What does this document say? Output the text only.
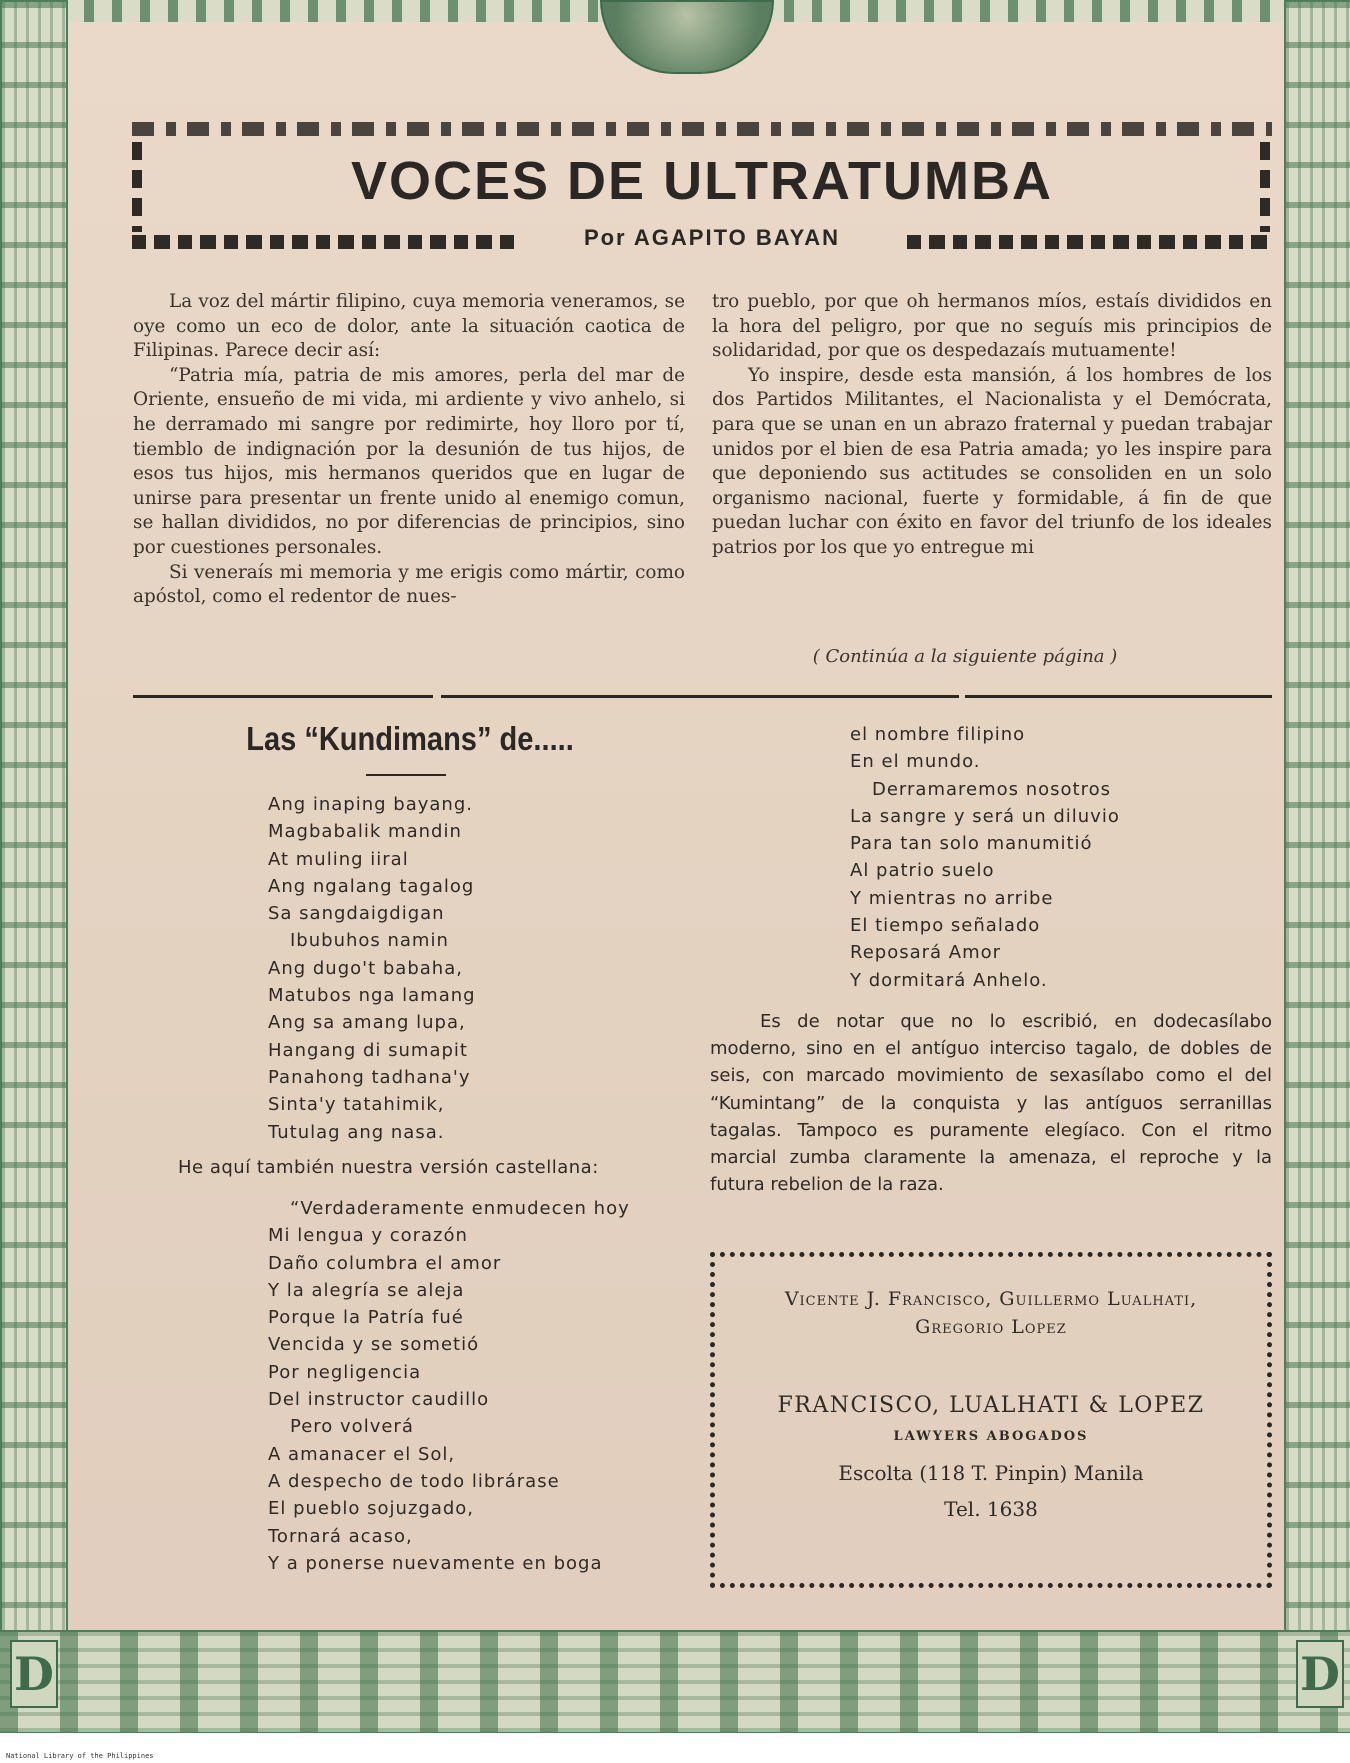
VOCES DE ULTRATUMBA
Por AGAPITO BAYAN

La voz del mártir filipino, cuya memoria veneramos, se oye como un eco de dolor, ante la situación caotica de Filipinas. Parece decir así:

“Patria mía, patria de mis amores, perla del mar de Oriente, ensueño de mi vida, mi ardiente y vivo anhelo, si he derramado mi sangre por redimirte, hoy lloro por tí, tiemblo de indignación por la desunión de tus hijos, de esos tus hijos, mis hermanos queridos que en lugar de unirse para presentar un frente unido al enemigo comun, se hallan divididos, no por diferencias de principios, sino por cuestiones personales.

Si veneraís mi memoria y me erigis como mártir, como apóstol, como el redentor de nues-

tro pueblo, por que oh hermanos míos, estaís divididos en la hora del peligro, por que no seguís mis principios de solidaridad, por que os despedazaís mutuamente!

Yo inspire, desde esta mansión, á los hombres de los dos Partidos Militantes, el Nacionalista y el Demócrata, para que se unan en un abrazo fraternal y puedan trabajar unidos por el bien de esa Patria amada; yo les inspire para que deponiendo sus actitudes se consoliden en un solo organismo nacional, fuerte y formidable, á fin de que puedan luchar con éxito en favor del triunfo de los ideales patrios por los que yo entregue mi

( Continúa a la siguiente página )
Las “Kundimans” de.....
Ang inaping bayang.
Magbabalik mandin
At muling iiral
Ang ngalang tagalog
Sa sangdaigdigan
Ibubuhos namin
Ang dugo't babaha,
Matubos nga lamang
Ang sa amang lupa,
Hangang di sumapit
Panahong tadhana'y
Sinta'y tatahimik,
Tutulag ang nasa.
He aquí también nuestra versión castellana:
“Verdaderamente enmudecen hoy
Mi lengua y corazón
Daño columbra el amor
Y la alegría se aleja
Porque la Patría fué
Vencida y se sometió
Por negligencia
Del instructor caudillo
Pero volverá
A amanacer el Sol,
A despecho de todo librárase
El pueblo sojuzgado,
Tornará acaso,
Y a ponerse nuevamente en boga
el nombre filipino
En el mundo.
Derramaremos nosotros
La sangre y será un diluvio
Para tan solo manumitió
Al patrio suelo
Y mientras no arribe
El tiempo señalado
Reposará Amor
Y dormitará Anhelo.

Es de notar que no lo escribió, en dodecasílabo moderno, sino en el antíguo interciso tagalo, de dobles de seis, con marcado movimiento de sexasílabo como el del “Kumintang” de la conquista y las antíguos serranillas tagalas. Tampoco es puramente elegíaco. Con el ritmo marcial zumba claramente la amenaza, el reproche y la futura rebelion de la raza.

Vicente J. Francisco, Guillermo Lualhati,
Gregorio Lopez
FRANCISCO, LUALHATI & LOPEZ
LAWYERS ABOGADOS
Escolta (118 T. Pinpin) Manila
Tel. 1638
D	D
National Library of the Philippines
